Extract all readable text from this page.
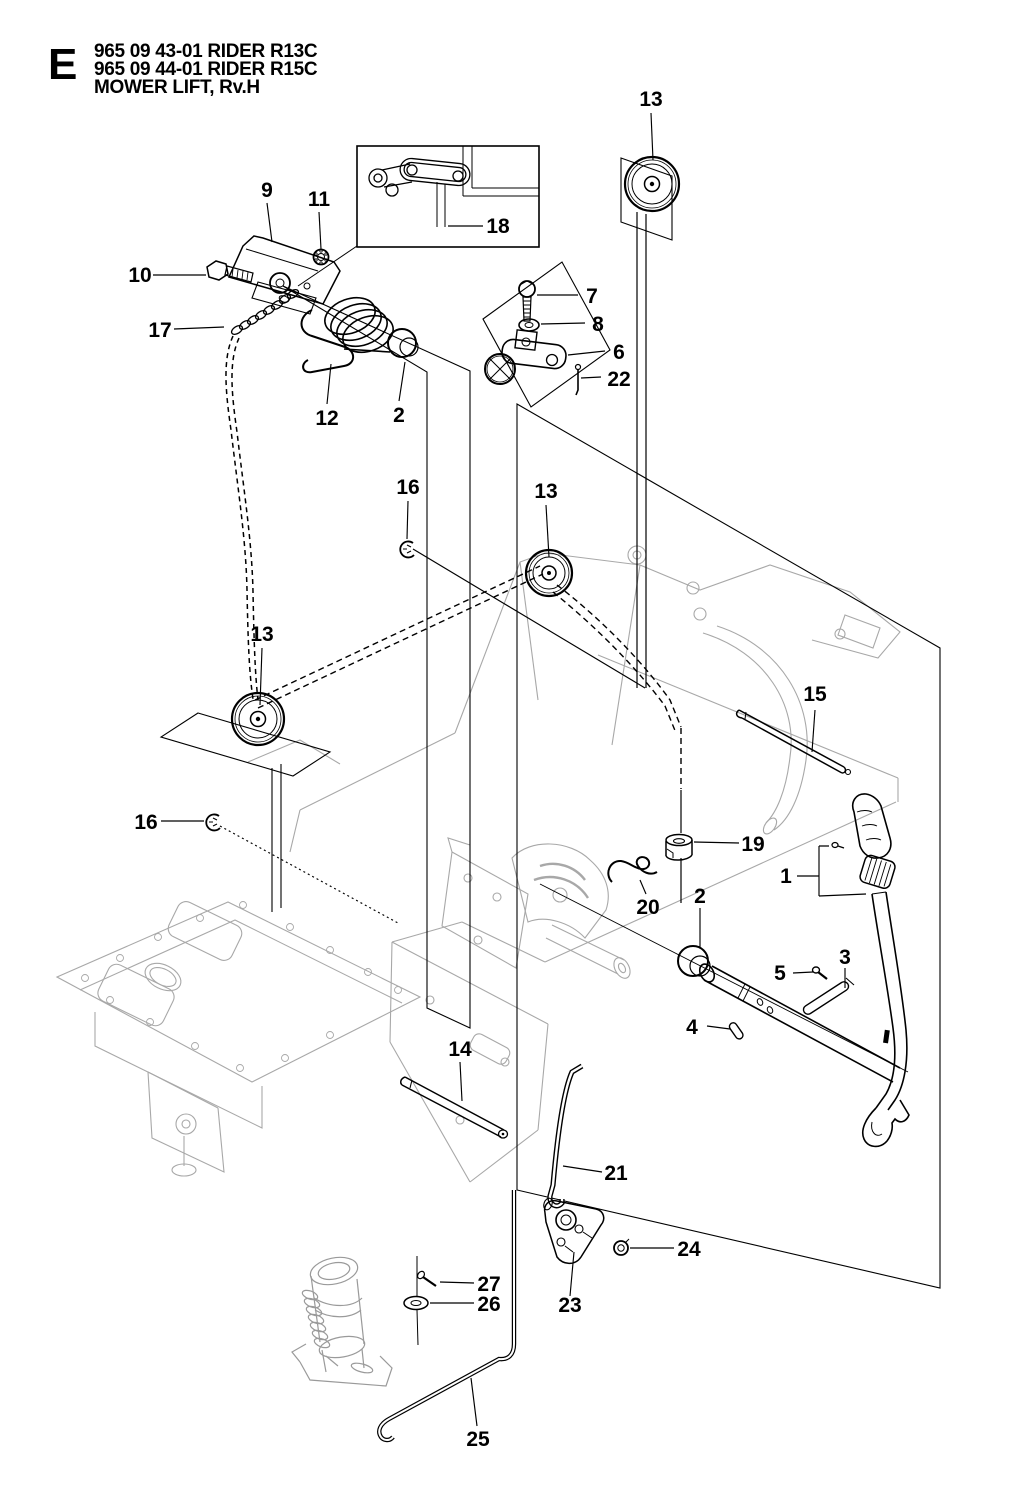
E 965 09 43-01 RIDER R13C
965 09 44-01 RIDER R15C
MOWER LIFT, Rv.H
13
9 11
10
18
17
12	2
7
8
6
22
16	13
13
16
15
19
1
2
20
5
3
4
14
21
24
23
27
26
25
